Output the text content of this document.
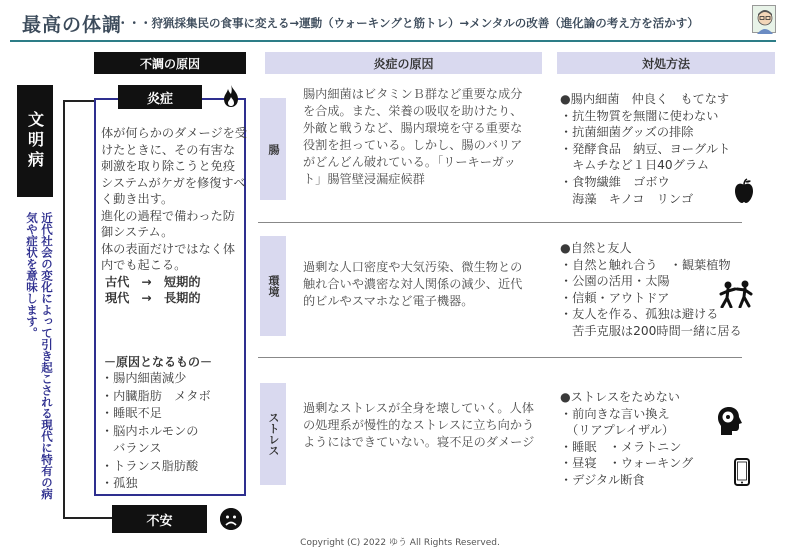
最高の体調
・・・狩猟採集民の食事に変える→運動（ウォーキングと筋トレ）→メンタルの改善（進化論の考え方を活かす）
不調の原因	炎症の原因	対処方法
文明病
近代社会の変化によって引き起こされる現代に特有の病気や症状を意味します。
炎症

体が何らかのダメージを受けたときに、その有害な刺激を取り除こうと免疫システムがケガを修復すべく動き出す。

進化の過程で備わった防御システム。

体の表面だけではなく体内でも起こる。

古代　→　短期的
現代　→　長期的
－原因となるもの－
・腸内細菌減少
・内臓脂肪　メタボ
・睡眠不足
・脳内ホルモンの
　バランス
・トランス脂肪酸
・孤独
不安
腸
腸内細菌はビタミンＢ群など重要な成分を合成。また、栄養の吸収を助けたり、外敵と戦うなど、腸内環境を守る重要な役割を担っている。しかし、腸のバリアがどんどん破れている。「リーキーガット」腸管壁浸漏症候群
●腸内細菌　仲良く　もてなす
・抗生物質を無闇に使わない
・抗菌細菌グッズの排除
・発酵食品　納豆、ヨーグルト
　キムチなど１日40グラム
・食物繊維　ゴボウ
　海藻　キノコ　リンゴ
環境
過剰な人口密度や大気汚染、微生物との触れ合いや濃密な対人関係の減少、近代的ビルやスマホなど電子機器。
●自然と友人
・自然と触れ合う　・観葉植物
・公園の活用・太陽
・信頼・アウトドア
・友人を作る、孤独は避ける
　苦手克服は200時間一緒に居る
ストレス
過剰なストレスが全身を壊していく。人体の処理系が慢性的なストレスに立ち向かうようにはできていない。寝不足のダメージ
●ストレスをためない
・前向きな言い換え
　（リアプレイザル）
・睡眠　・メラトニン
・昼寝　・ウォーキング
・デジタル断食
Copyright (C) 2022 ゆう All Rights Reserved.
